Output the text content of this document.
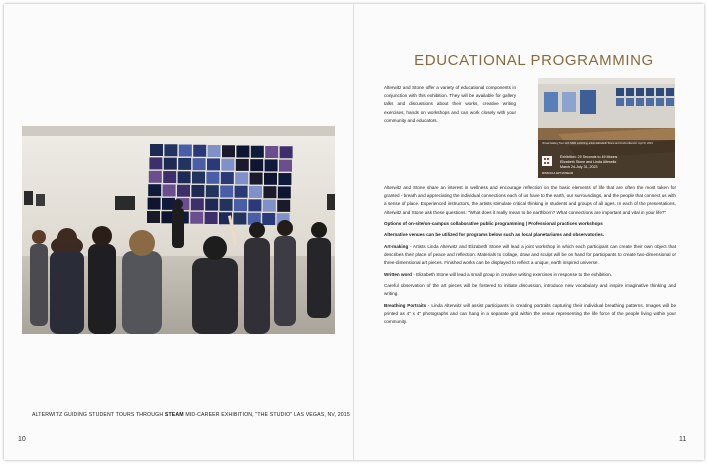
ALTERWITZ GUIDING STUDENT TOURS THROUGH STEAM MID-CAREER EXHIBITION, "THE STUDIO" LAS VEGAS, NV, 2015
10
EDUCATIONAL PROGRAMMING
Alterwitz and Stone offer a variety of educational components in conjunction with this exhibition. They will be available for gallery talks and discussions about their works, creative writing exercises, hands on workshops and can work closely with your community and educators.
Virtual Gallery Tour with NMM exhibiting artists Elizabeth Stone and Linda Alterwitz: April 8, 2023
MISSOULA ART MUSEUM
Exhibition: 29 Seconds to 49 Moons
Elizabeth Stone and Linda Alterwitz
March 24-July 31, 2023

Alterwitz and Stone share an interest in wellness and encourage reflection on the basic elements of life that are often the most taken for granted - breath and appreciating the individual connections each of us have to the earth, our surroundings, and the people that connect us with a sense of place. Experienced instructors, the artists stimulate critical thinking in students and groups of all ages. In each of the presentations, Alterwitz and Stone ask these questions: "What does it really mean to be earthborn? What connections are important and vital in your life?"

Options of on-site/on-campus collaborative public programming | Professional practices workshops

Alternative venues can be utilized for programs below such as local planetariums and observatories.

Art-making - Artists Linda Alterwitz and Elizabeth Stone will lead a joint workshop in which each participant can create their own object that describes their place of peace and reflection. Materials to collage, draw and sculpt will be on hand for participants to create two-dimensional or three-dimensional art pieces. Finished works can be displayed to reflect a unique, earth inspired universe.

Written word - Elizabeth Stone will lead a small group in creative writing exercises in response to the exhibition.

Careful observation of the art pieces will be fostered to initiate discussion, introduce new vocabulary and inspire imaginative thinking and writing.

Breathing Portraits - Linda Alterwitz will assist participants in creating portraits capturing their individual breathing patterns. Images will be printed as 4" x 4" photographs and can hang in a separate grid within the venue representing the life force of the people living within your community.

11
